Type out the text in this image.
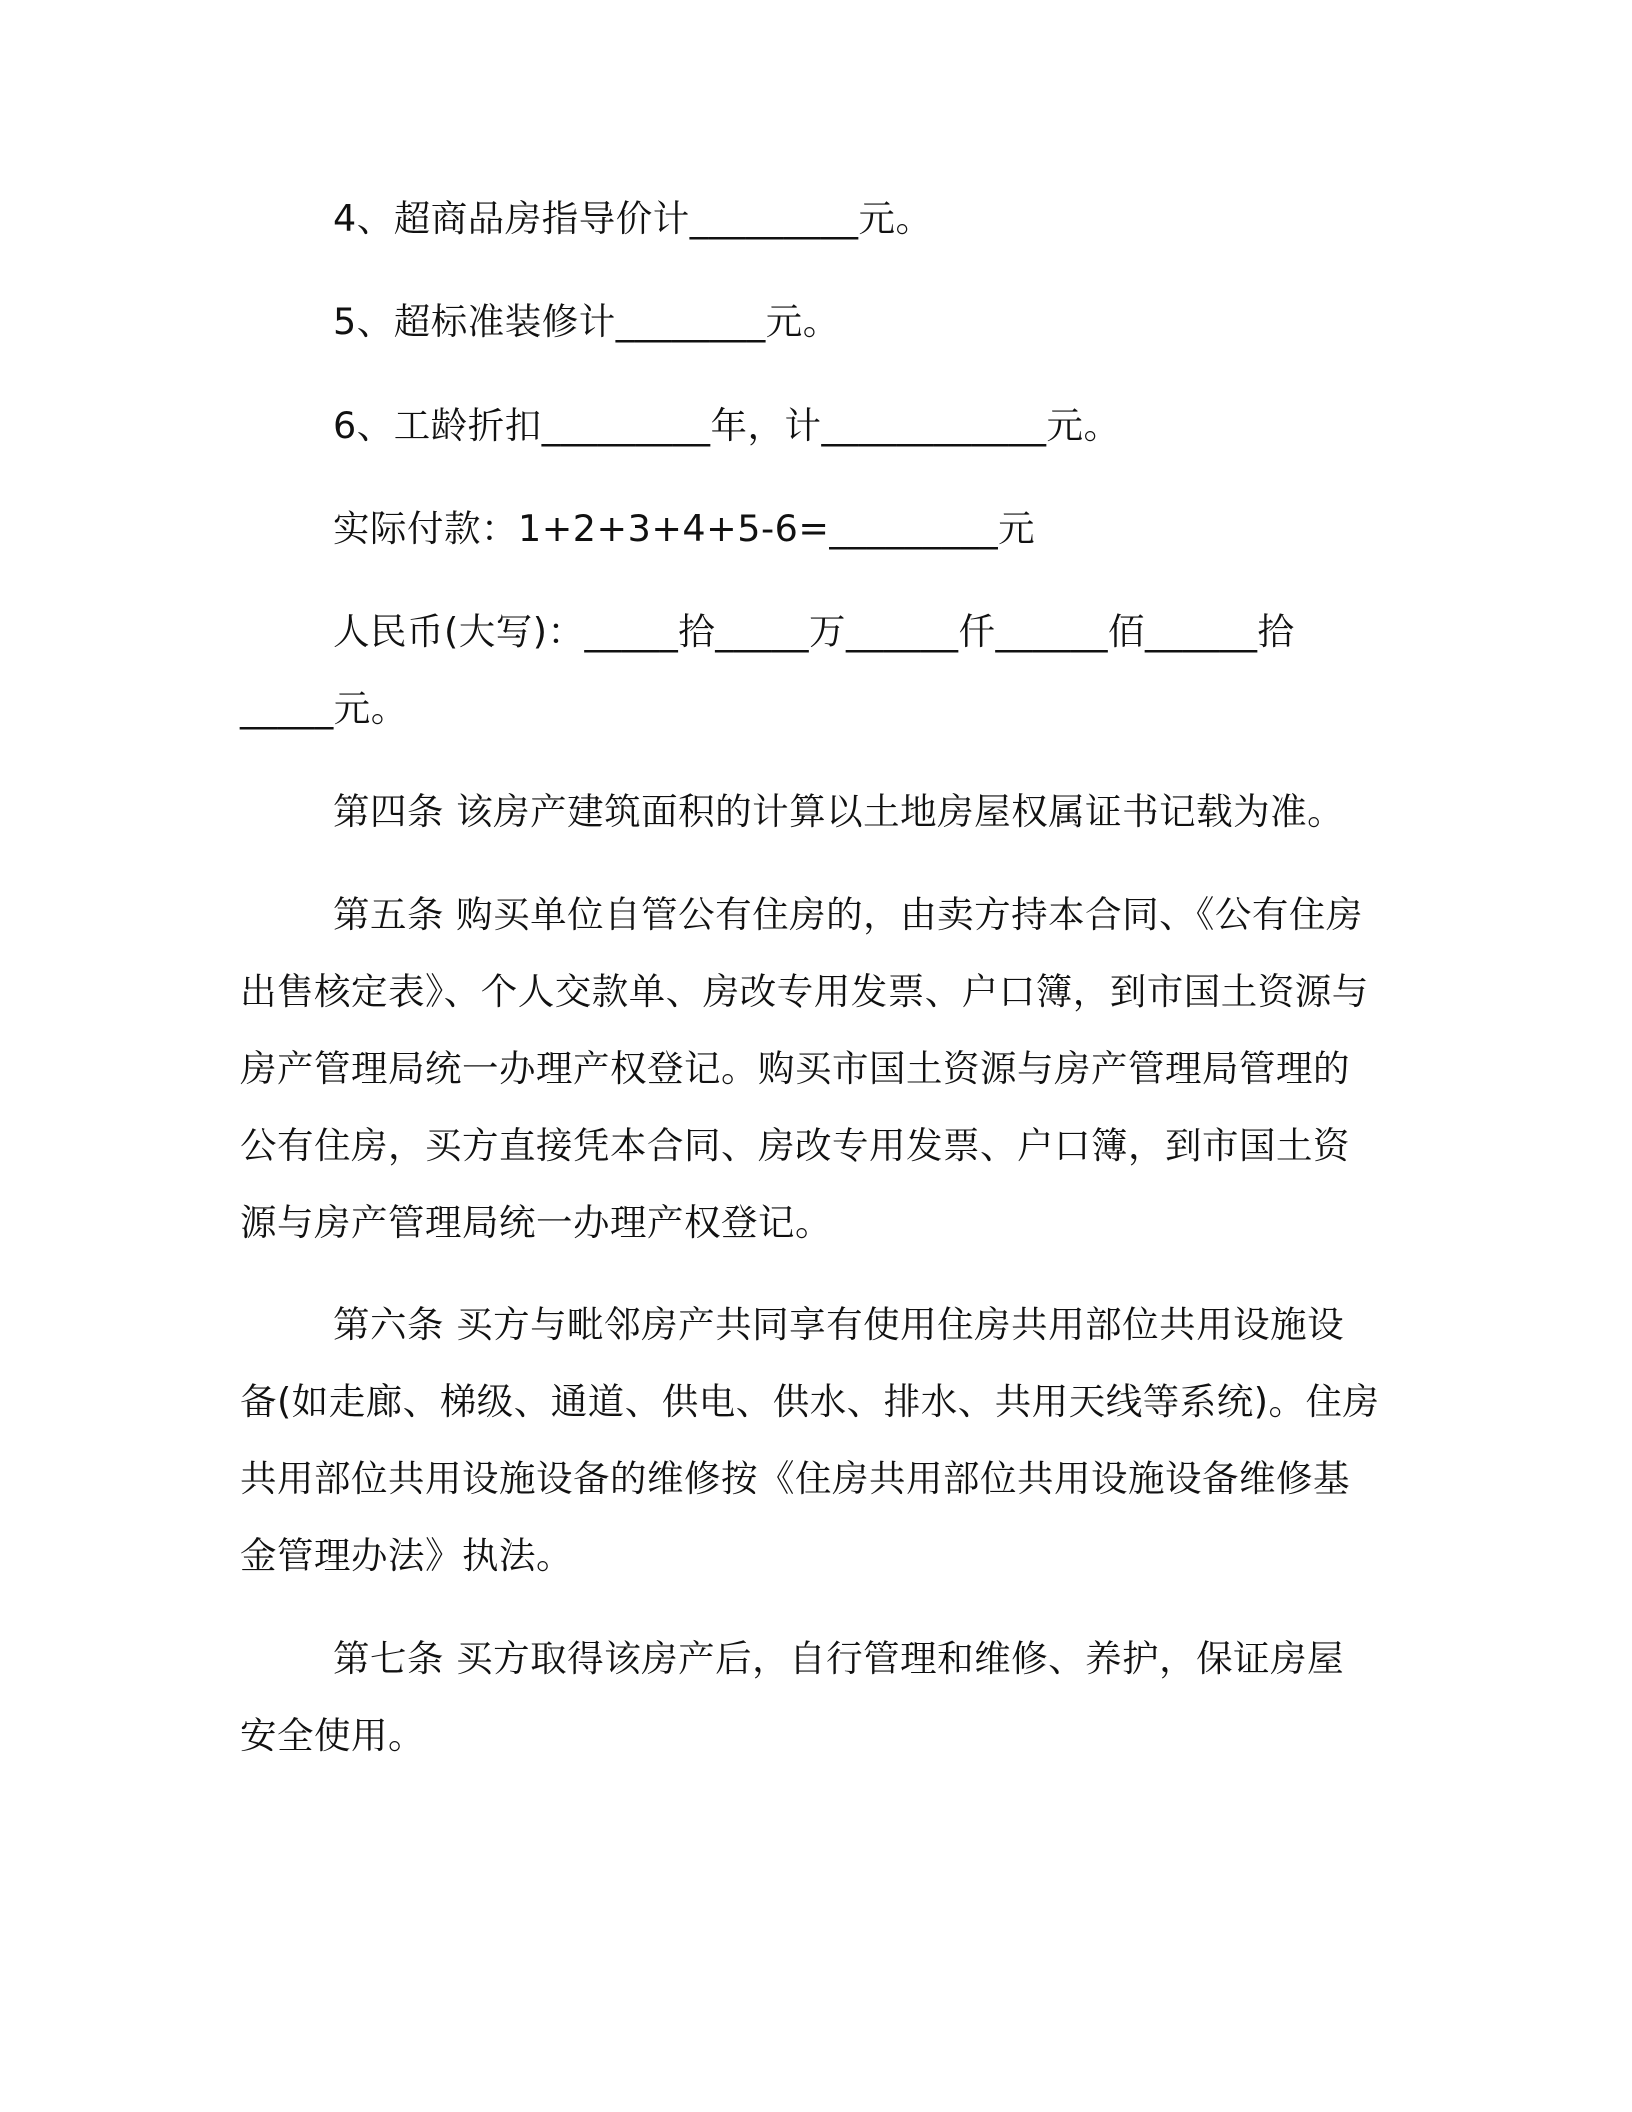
4、超商品房指导价计_________元。

5、超标准装修计________元。

6、工龄折扣_________年，计____________元。

实际付款：1+2+3+4+5-6=_________元

人民币(大写)：_____拾_____万______仟______佰______拾_____元。

第四条 该房产建筑面积的计算以土地房屋权属证书记载为准。

第五条 购买单位自管公有住房的，由卖方持本合同、《公有住房出售核定表》、个人交款单、房改专用发票、户口簿，到市国土资源与房产管理局统一办理产权登记。购买市国土资源与房产管理局管理的公有住房，买方直接凭本合同、房改专用发票、户口簿，到市国土资源与房产管理局统一办理产权登记。

第六条 买方与毗邻房产共同享有使用住房共用部位共用设施设备(如走廊、梯级、通道、供电、供水、排水、共用天线等系统)。住房共用部位共用设施设备的维修按《住房共用部位共用设施设备维修基金管理办法》执法。

第七条 买方取得该房产后，自行管理和维修、养护，保证房屋安全使用。
